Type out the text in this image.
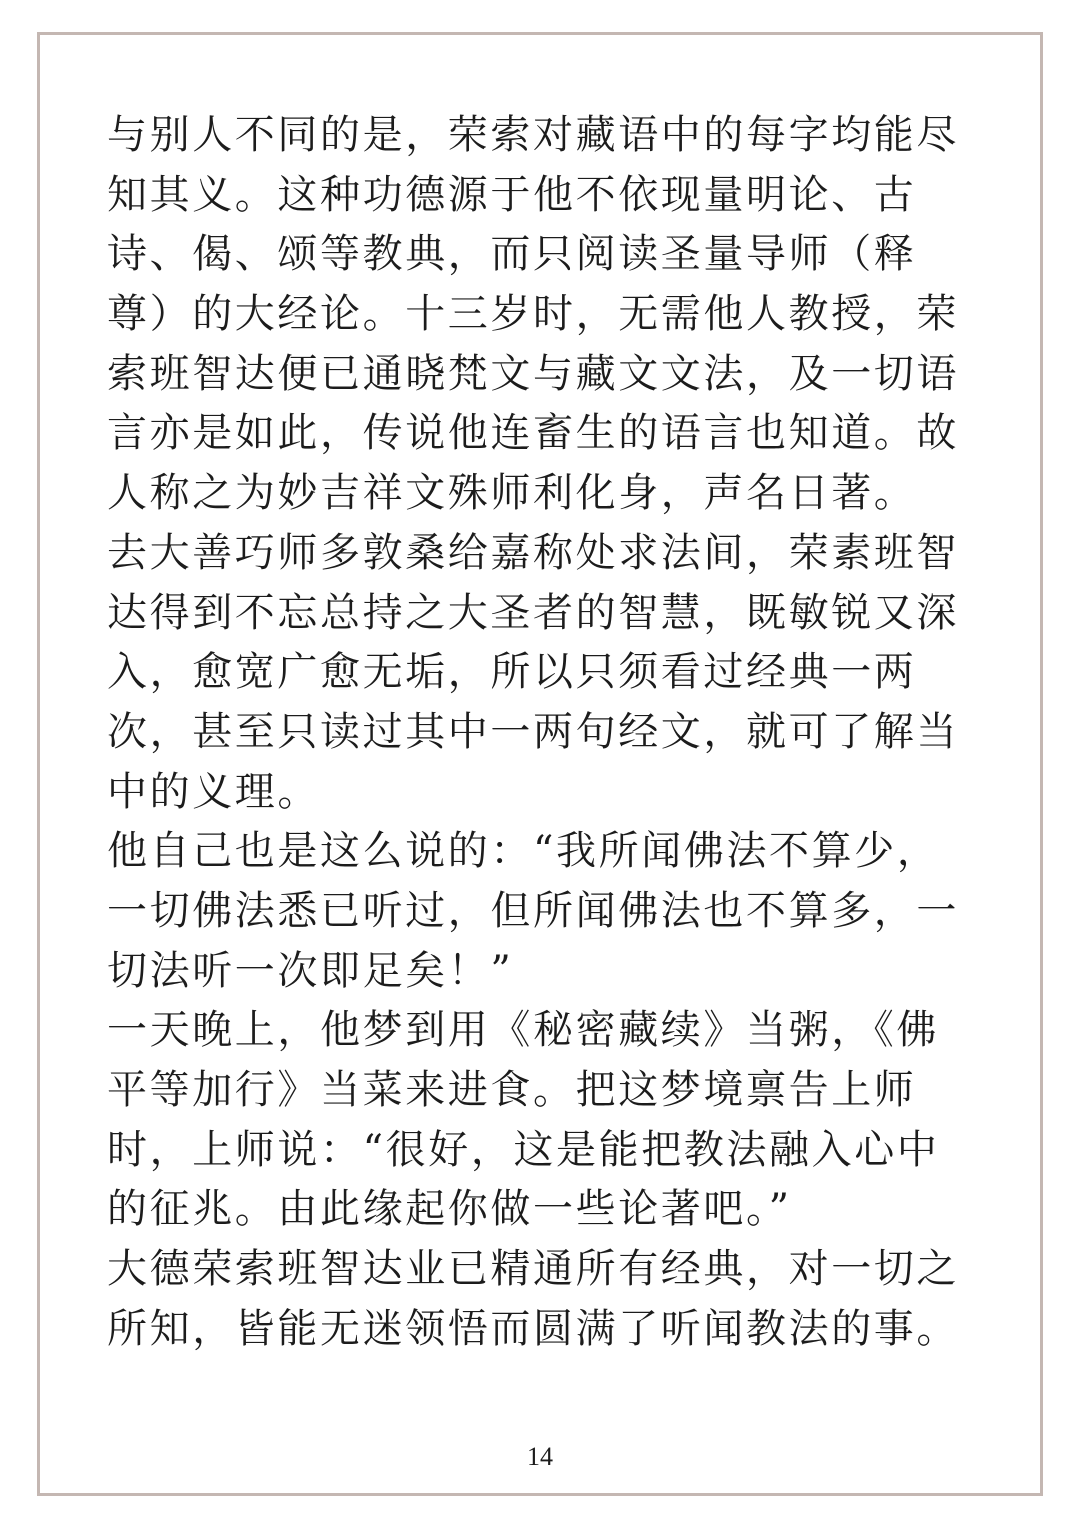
与别人不同的是，荣索对藏语中的每字均能尽
知其义。这种功德源于他不依现量明论、古
诗、偈、颂等教典，而只阅读圣量导师（释
尊）的大经论。十三岁时，无需他人教授，荣
索班智达便已通晓梵文与藏文文法，及一切语
言亦是如此，传说他连畜生的语言也知道。故
人称之为妙吉祥文殊师利化身，声名日著。
去大善巧师多敦桑给嘉称处求法间，荣素班智
达得到不忘总持之大圣者的智慧，既敏锐又深
入，愈宽广愈无垢，所以只须看过经典一两
次，甚至只读过其中一两句经文，就可了解当
中的义理。
他自己也是这么说的：“我所闻佛法不算少，
一切佛法悉已听过，但所闻佛法也不算多，一
切法听一次即足矣！”
一天晚上，他梦到用《秘密藏续》当粥，《佛
平等加行》当菜来进食。把这梦境禀告上师
时，上师说：“很好，这是能把教法融入心中
的征兆。由此缘起你做一些论著吧。”
大德荣索班智达业已精通所有经典，对一切之
所知，皆能无迷领悟而圆满了听闻教法的事。
14
